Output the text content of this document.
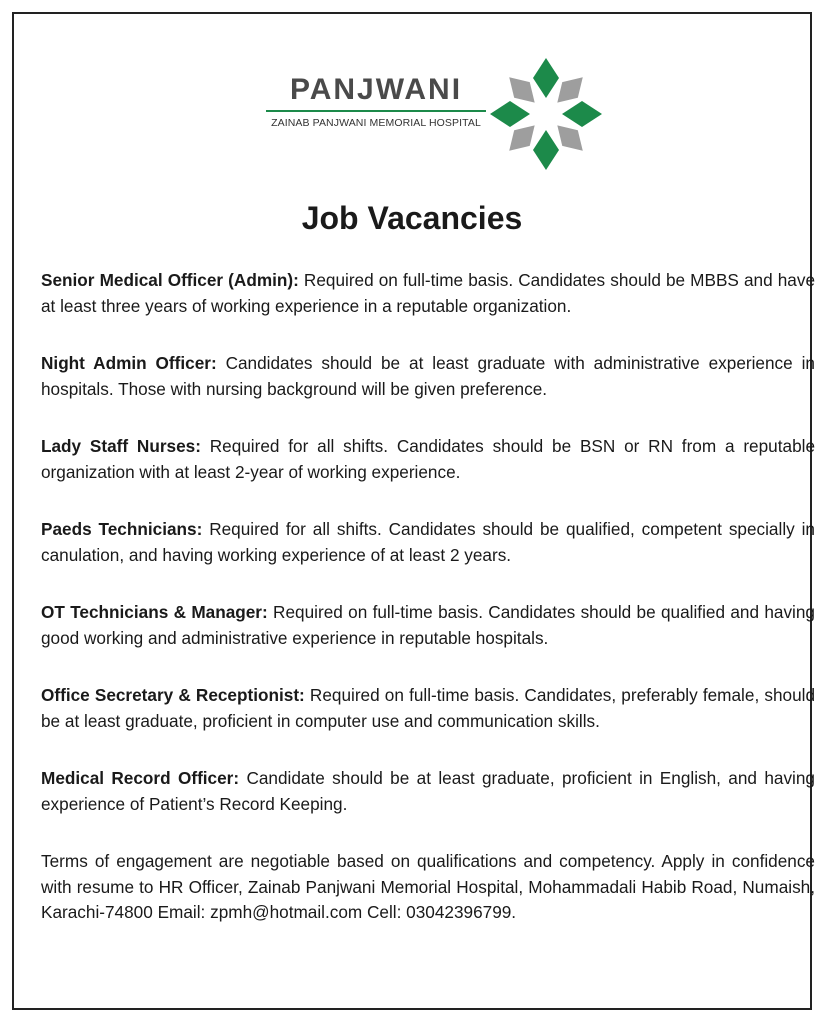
PANJWANI
ZAINAB PANJWANI MEMORIAL HOSPITAL
Job Vacancies

Senior Medical Officer (Admin): Required on full-time basis. Candidates should be MBBS and have at least three years of working experience in a reputable organization.

Night Admin Officer: Candidates should be at least graduate with administrative experience in hospitals. Those with nursing background will be given preference.

Lady Staff Nurses: Required for all shifts. Candidates should be BSN or RN from a reputable organization with at least 2-year of working experience.

Paeds Technicians: Required for all shifts. Candidates should be qualified, competent specially in canulation, and having working experience of at least 2 years.

OT Technicians & Manager: Required on full-time basis. Candidates should be qualified and having good working and administrative experience in reputable hospitals.

Office Secretary & Receptionist: Required on full-time basis. Candidates, preferably female, should be at least graduate, proficient in computer use and communication skills.

Medical Record Officer: Candidate should be at least graduate, proficient in English, and having experience of Patient’s Record Keeping.

Terms of engagement are negotiable based on qualifications and competency. Apply in confidence with resume to HR Officer, Zainab Panjwani Memorial Hospital, Mohammadali Habib Road, Numaish, Karachi-74800 Email: zpmh@hotmail.com Cell: 03042396799.
